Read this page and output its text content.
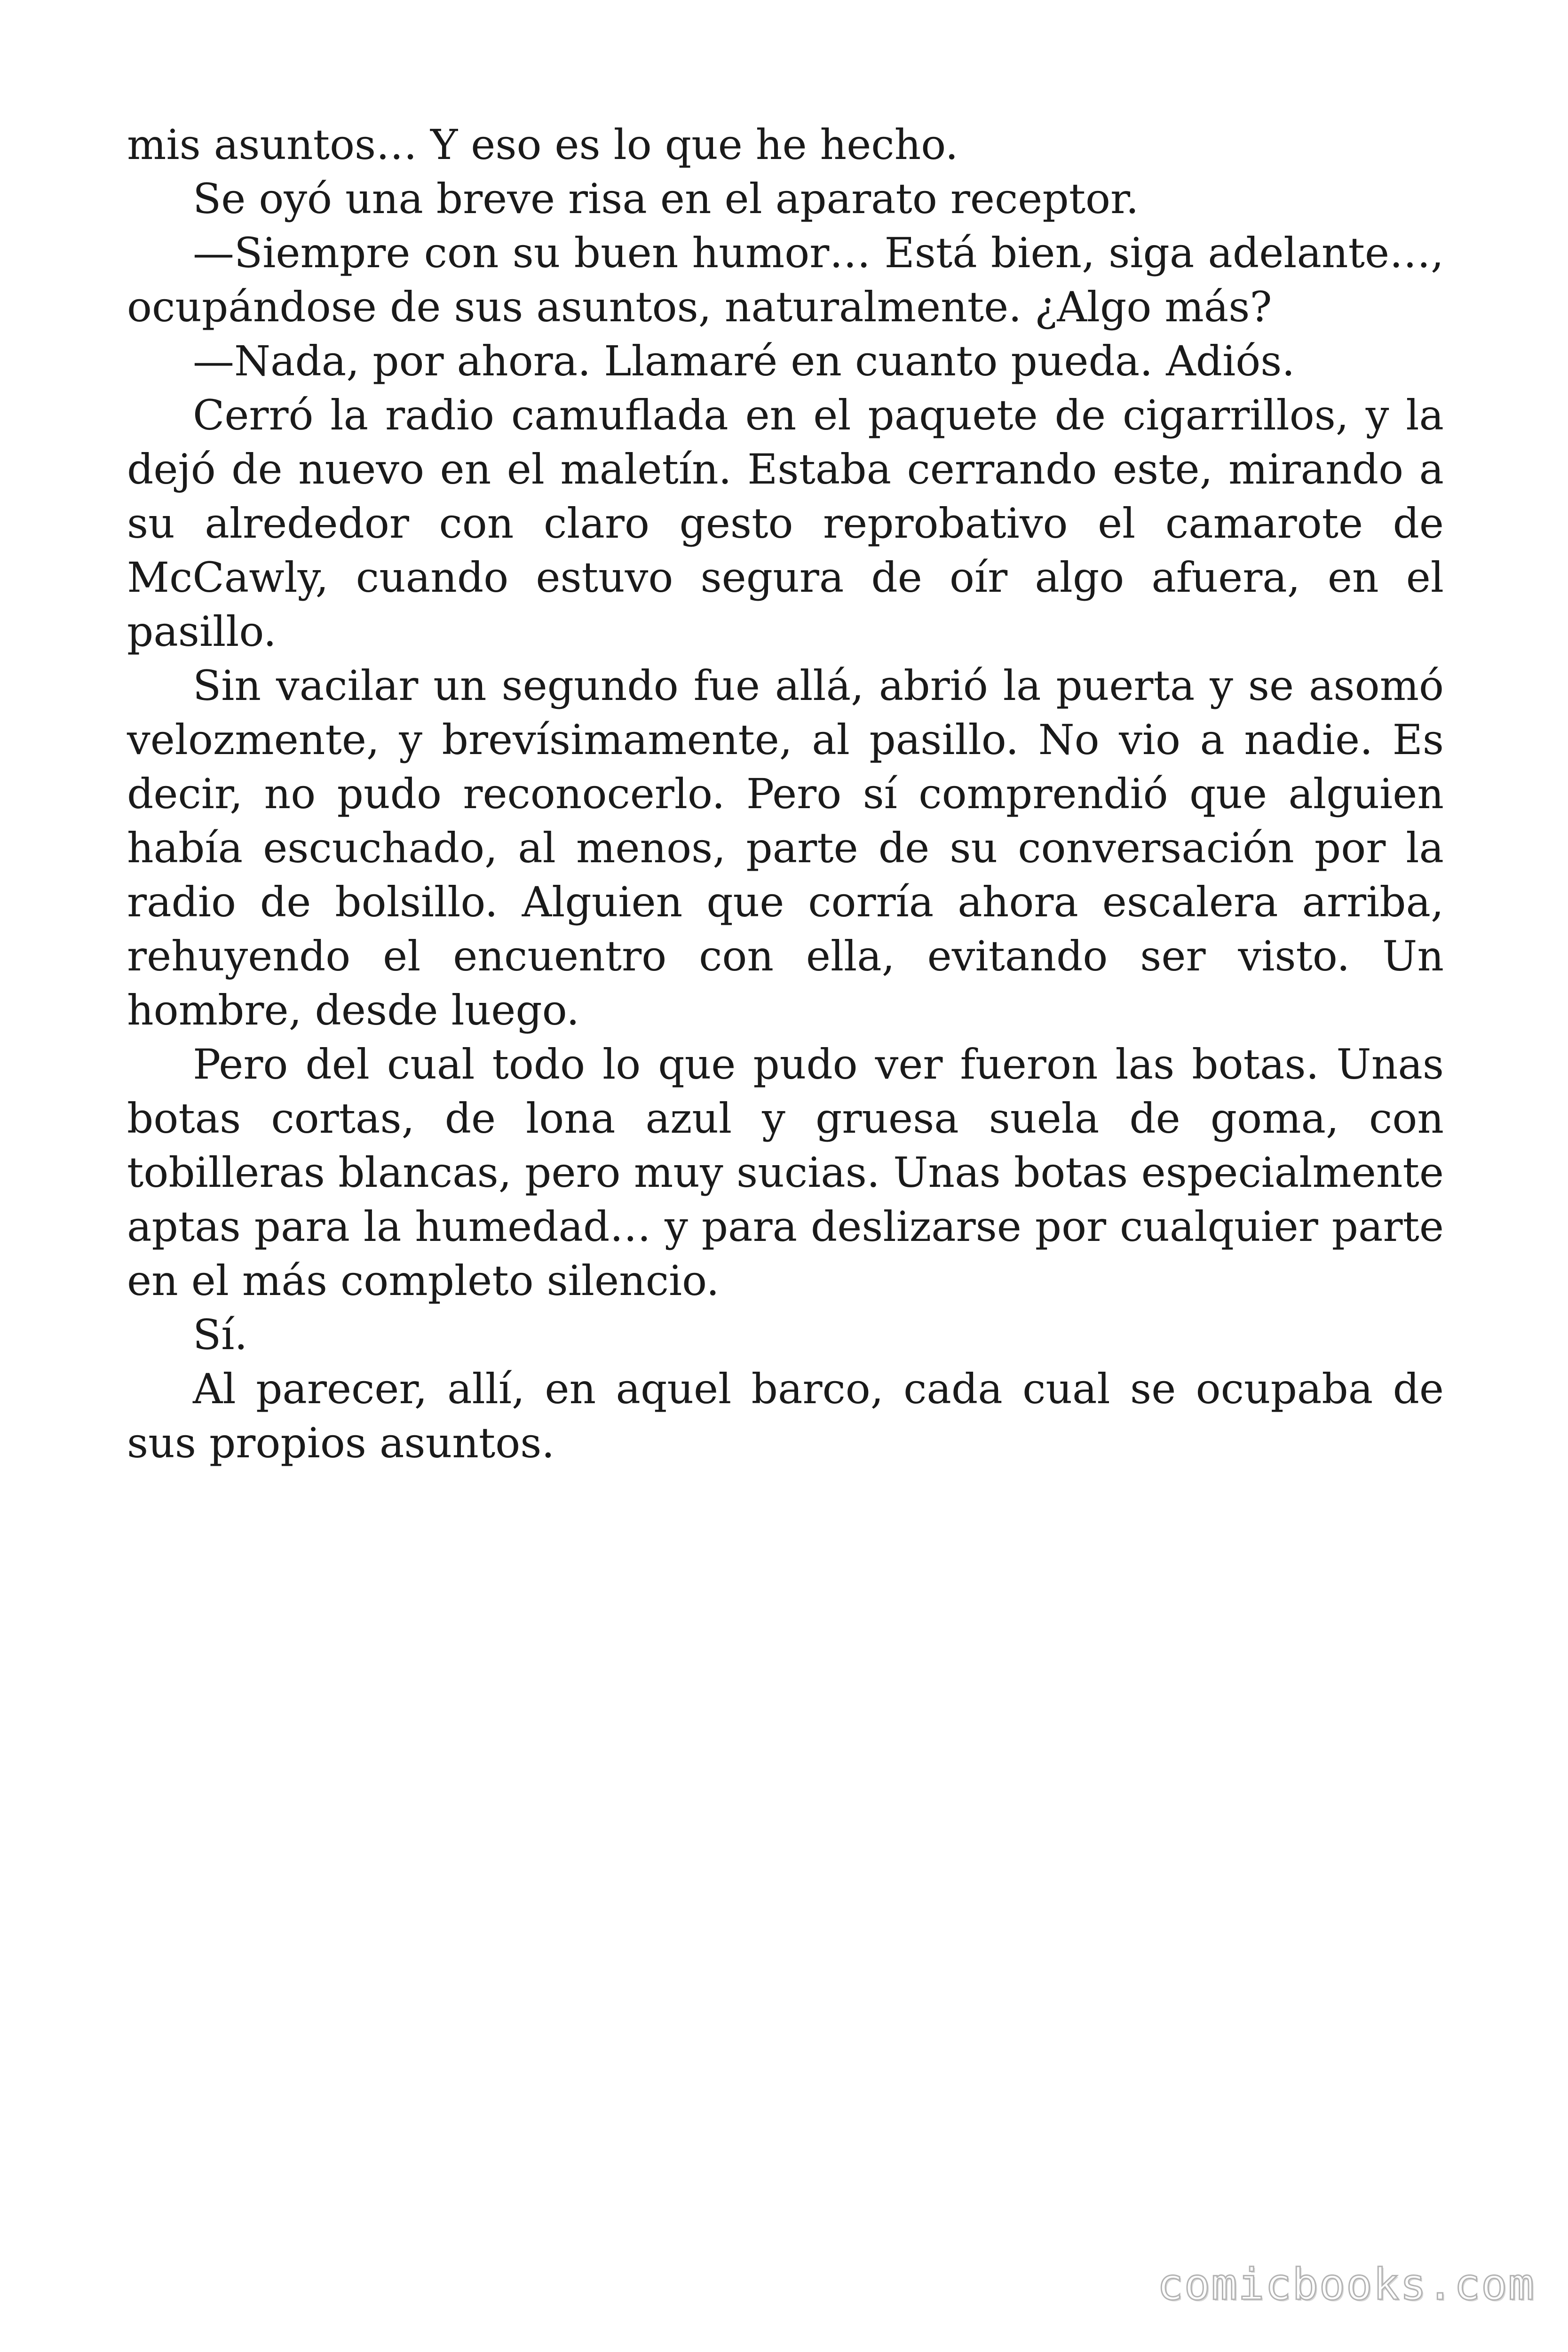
mis asuntos… Y eso es lo que he hecho.

Se oyó una breve risa en el aparato receptor.

—Siempre con su buen humor… Está bien, siga adelante…, ocupándose de sus asuntos, naturalmente. ¿Algo más?

—Nada, por ahora. Llamaré en cuanto pueda. Adiós.

Cerró la radio camuflada en el paquete de cigarrillos, y la dejó de nuevo en el maletín. Estaba cerrando este, mirando a su alrededor con claro gesto reprobativo el camarote de McCawly, cuando estuvo segura de oír algo afuera, en el pasillo.

Sin vacilar un segundo fue allá, abrió la puerta y se asomó velozmente, y brevísimamente, al pasillo. No vio a nadie. Es decir, no pudo reconocerlo. Pero sí comprendió que alguien había escuchado, al menos, parte de su conversación por la radio de bolsillo. Alguien que corría ahora escalera arriba, rehuyendo el encuentro con ella, evitando ser visto. Un hombre, desde luego.

Pero del cual todo lo que pudo ver fueron las botas. Unas botas cortas, de lona azul y gruesa suela de goma, con tobilleras blancas, pero muy sucias. Unas botas especialmente aptas para la humedad… y para deslizarse por cualquier parte en el más completo silencio.

Sí.

Al parecer, allí, en aquel barco, cada cual se ocupaba de sus propios asuntos.

comicbooks.com
